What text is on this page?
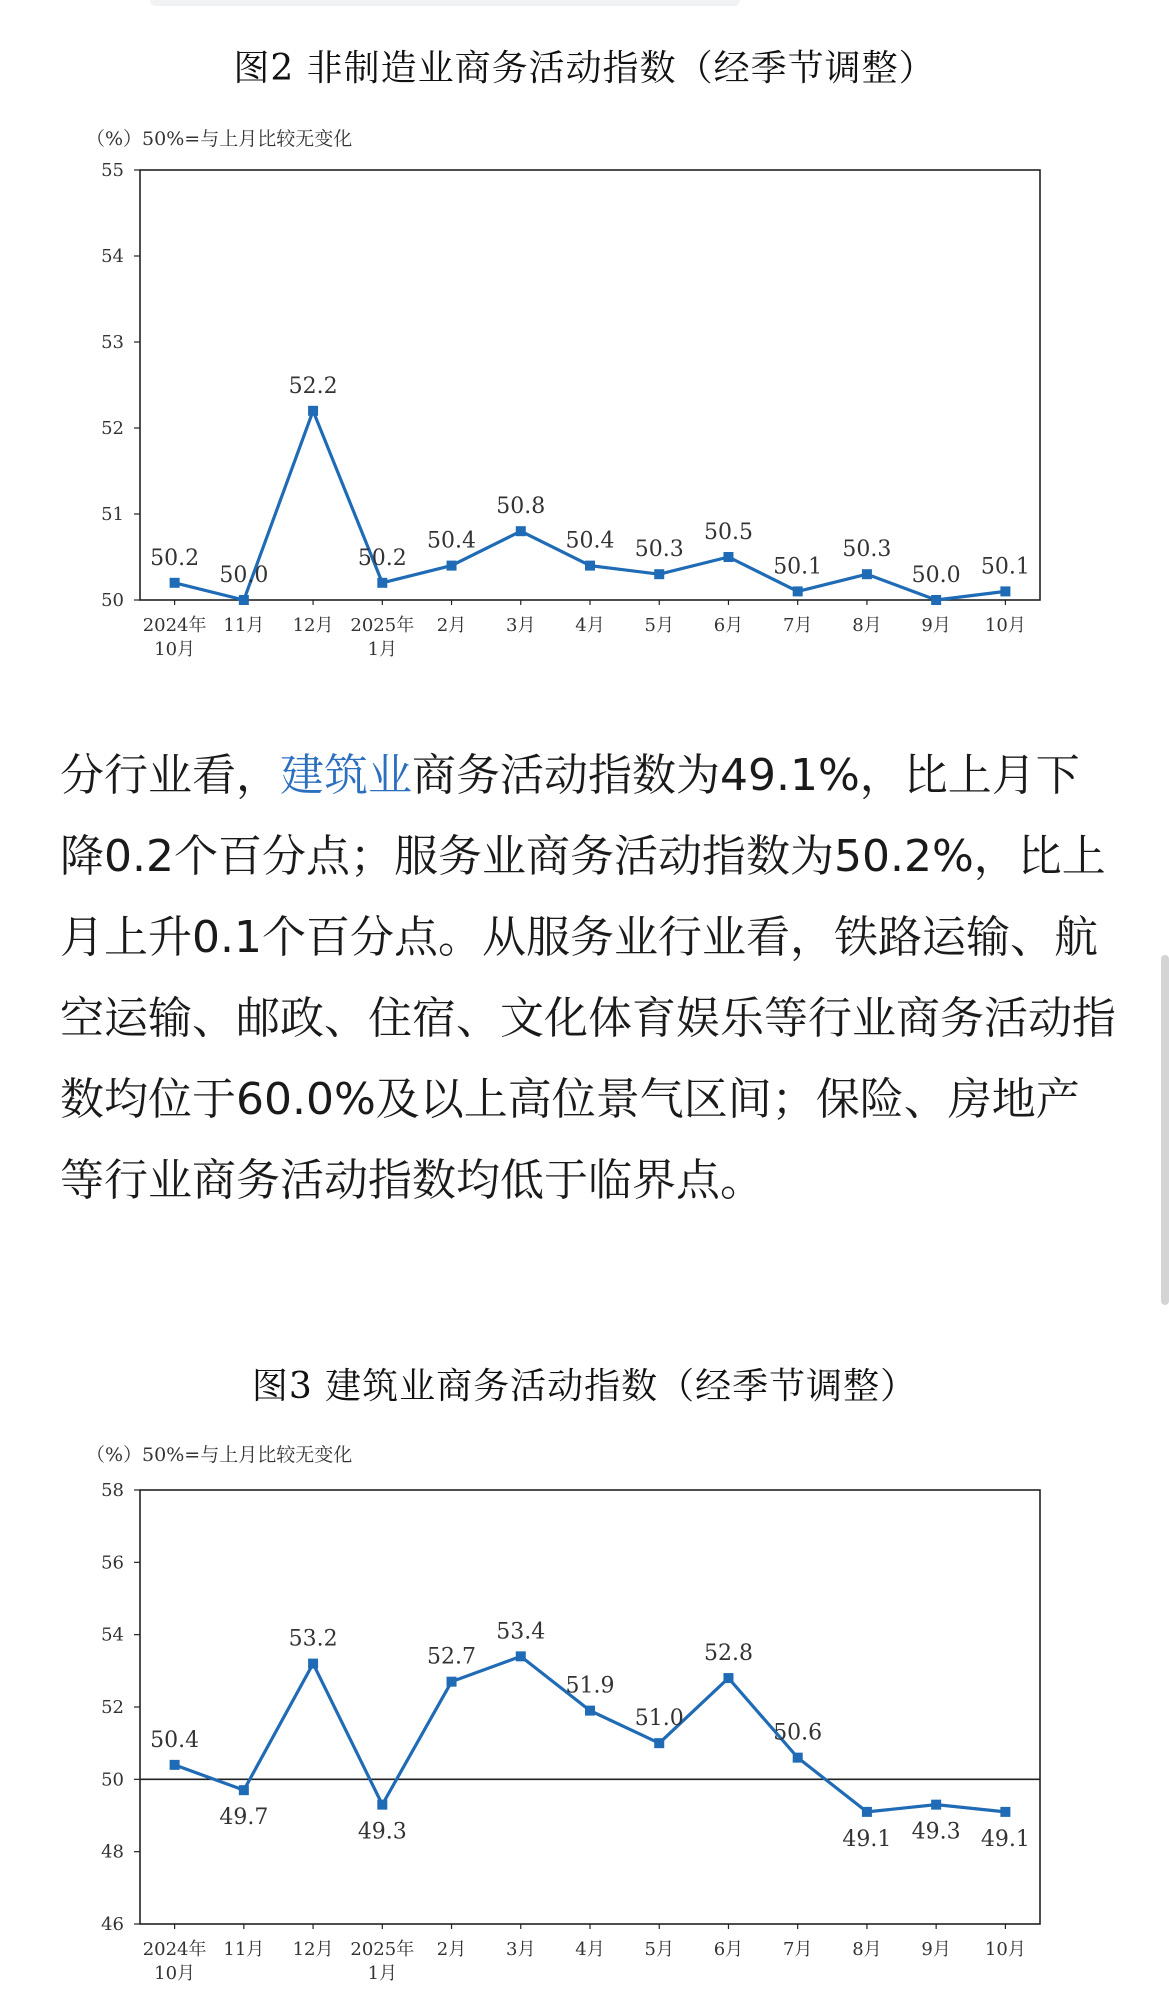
图2 非制造业商务活动指数（经季节调整）
（%）50%=与上月比较无变化
50
51
52
53
54
55
2024年 10月
11月 12月 2025年 1月
2月 3月 4月 5月 6月 7月 8月 9月 10月
50.2
50.0
52.2
50.2
50.4
50.8
50.4 50.3
50.5
50.1
50.3
50.0 50.1

分行业看，建筑业商务活动指数为49.1%，比上月下降0.2个百分点；服务业商务活动指数为50.2%，比上月上升0.1个百分点。从服务业行业看，铁路运输、航空运输、邮政、住宿、文化体育娱乐等行业商务活动指数均位于60.0%及以上高位景气区间；保险、房地产等行业商务活动指数均低于临界点。

图3 建筑业商务活动指数（经季节调整）
（%）50%=与上月比较无变化
46
48
50
52
54
56
58
2024年 10月
11月 12月 2025年 1月
2月 3月 4月 5月 6月 7月 8月 9月 10月
50.4
49.7
53.2
49.3
52.7
53.4
51.9
51.0
52.8
50.6
49.1 49.3 49.1
